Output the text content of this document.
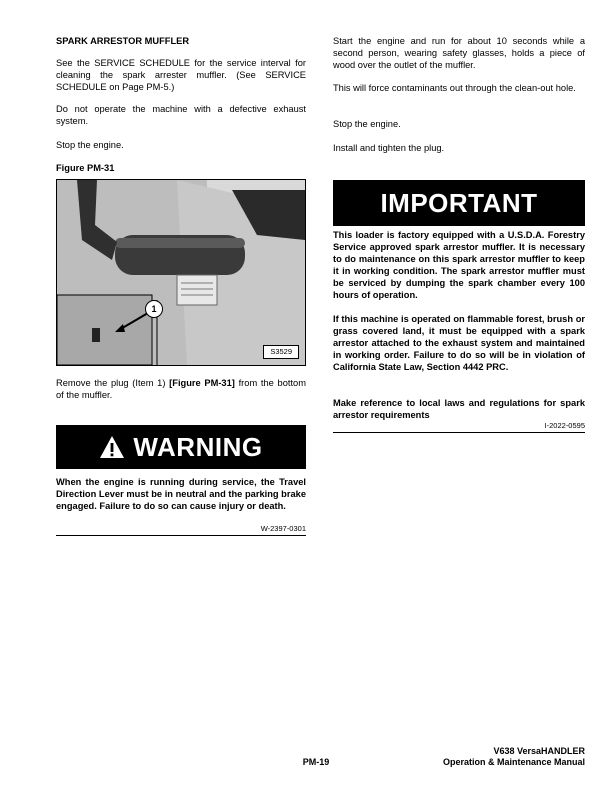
SPARK ARRESTOR MUFFLER

See the SERVICE SCHEDULE for the service interval for cleaning the spark arrester muffler. (See SERVICE SCHEDULE on Page PM-5.)

Do not operate the machine with a defective exhaust system.

Stop the engine.

Figure PM-31

1
S3529

Remove the plug (Item 1) [Figure PM-31] from the bottom of the muffler.

WARNING

When the engine is running during service, the Travel Direction Lever must be in neutral and the parking brake engaged. Failure to do so can cause injury or death.

W-2397-0301

Start the engine and run for about 10 seconds while a second person, wearing safety glasses, holds a piece of wood over the outlet of the muffler.

This will force contaminants out through the clean-out hole.

Stop the engine.

Install and tighten the plug.

IMPORTANT

This loader is factory equipped with a U.S.D.A. Forestry Service approved spark arrestor muffler. It is necessary to do maintenance on this spark arrestor muffler to keep it in working condition. The spark arrestor muffler must be serviced by dumping the spark chamber every 100 hours of operation.

If this machine is operated on flammable forest, brush or grass covered land, it must be equipped with a spark arrestor attached to the exhaust system and maintained in working order. Failure to do so will be in violation of California State Law, Section 4442 PRC.

Make reference to local laws and regulations for spark arrestor requirements

I-2022-0595
PM-19
V638 VersaHANDLER
Operation & Maintenance Manual
